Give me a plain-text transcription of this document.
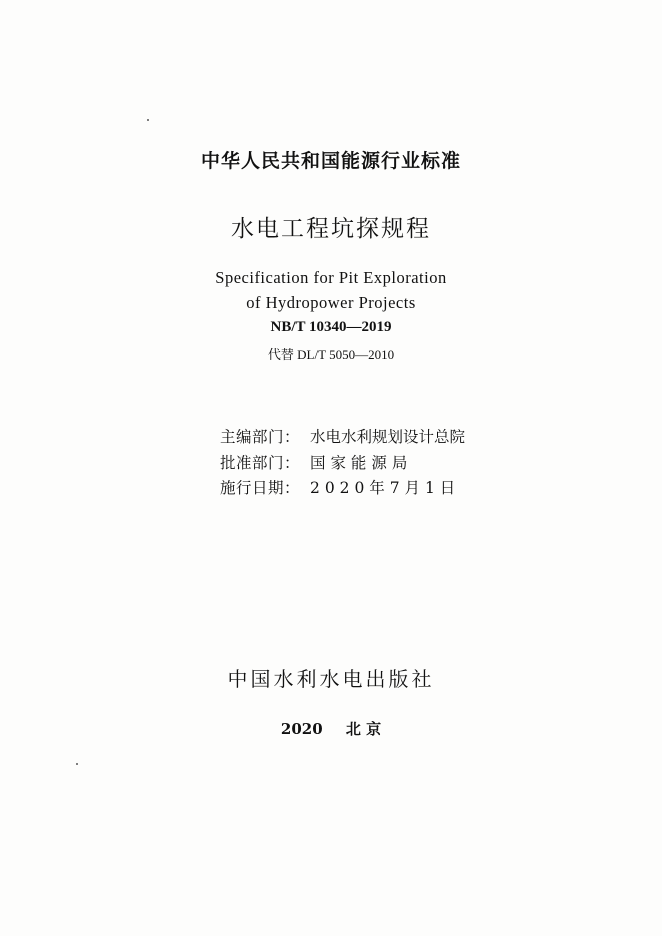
中华人民共和国能源行业标准
水电工程坑探规程
Specification for Pit Exploration
of Hydropower Projects
NB/T 10340—2019
代替 DL/T 5050—2010
主编部门： 水电水利规划设计总院
批准部门： 国 家 能 源 局
施行日期： 2 0 2 0 年 7 月 1 日
中国水利水电出版社
2020 北 京
